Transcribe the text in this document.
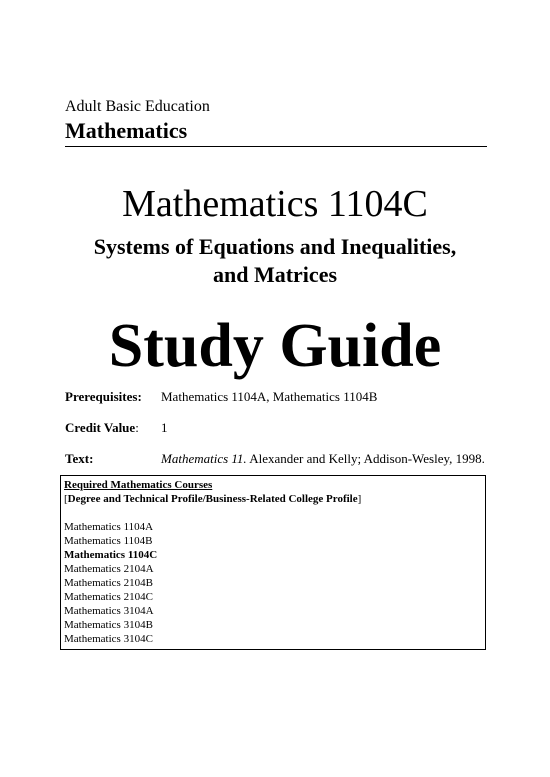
Adult Basic Education
Mathematics
Mathematics 1104C
Systems of Equations and Inequalities,
and Matrices
Study Guide
Prerequisites: Mathematics 1104A, Mathematics 1104B
Credit Value: 1
Text:	Mathematics 11. Alexander and Kelly; Addison-Wesley, 1998.
Required Mathematics Courses
[Degree and Technical Profile/Business-Related College Profile]
Mathematics 1104A
Mathematics 1104B
Mathematics 1104C
Mathematics 2104A
Mathematics 2104B
Mathematics 2104C
Mathematics 3104A
Mathematics 3104B
Mathematics 3104C
